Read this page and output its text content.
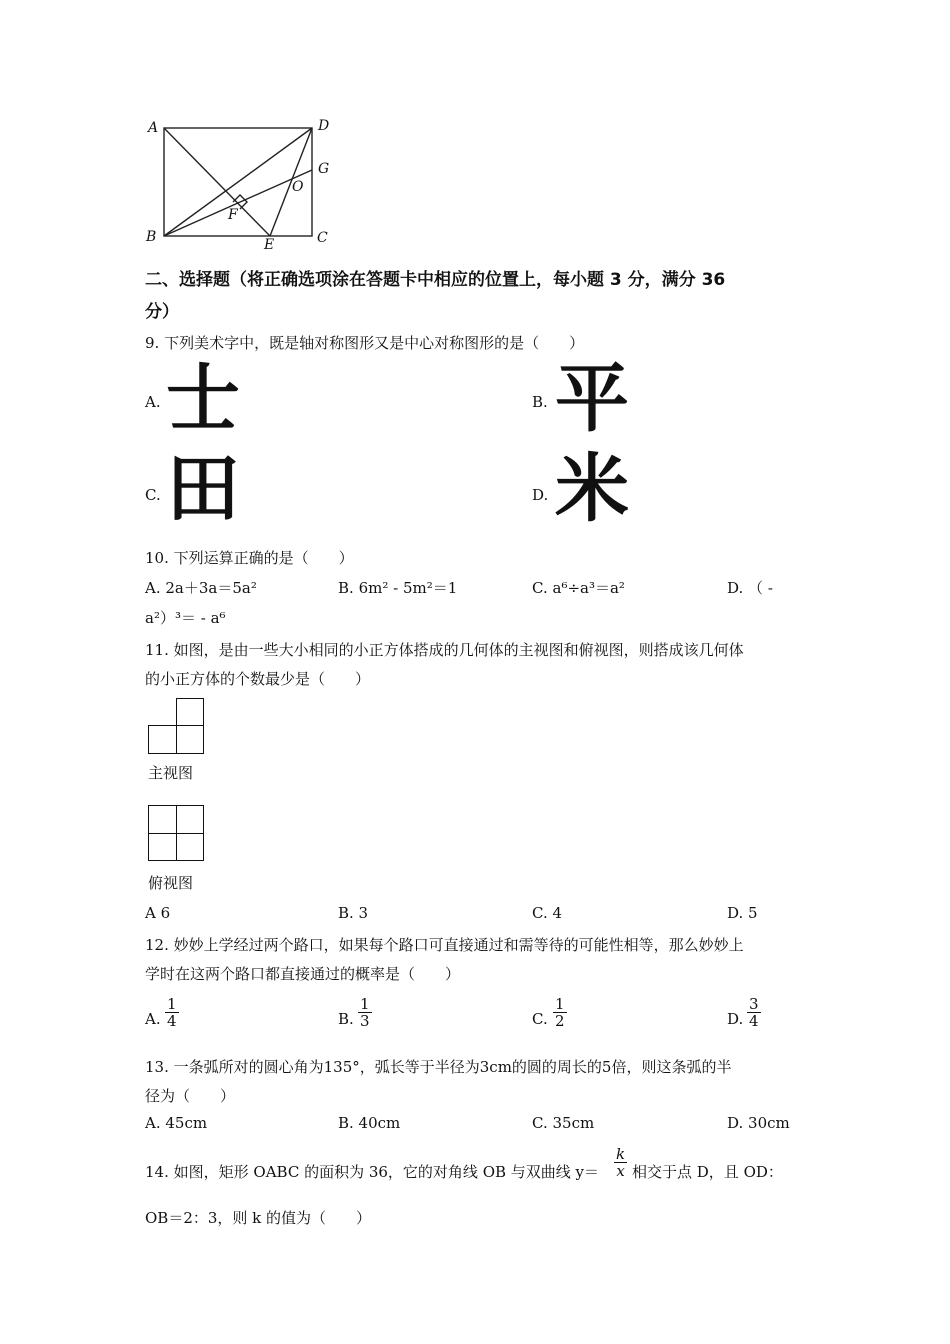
A	D
G
O
F
B	E	C
二、选择题（将正确选项涂在答题卡中相应的位置上，每小题 3 分，满分 36
分）
9. 下列美术字中，既是轴对称图形又是中心对称图形的是（　　）
A. 士	B. 平
C. 田	D. 米
10. 下列运算正确的是（　　）
A. 2a＋3a＝5a²	B. 6m² - 5m²＝1	C. a⁶÷a³＝a²	D. （ -
a²）³＝ - a⁶
11. 如图，是由一些大小相同的小正方体搭成的几何体的主视图和俯视图，则搭成该几何体
的小正方体的个数最少是（　　）
主视图
俯视图
A 6	B. 3	C. 4	D. 5
12. 妙妙上学经过两个路口，如果每个路口可直接通过和需等待的可能性相等，那么妙妙上
学时在这两个路口都直接通过的概率是（　　）
A. $\frac{1}{4}$	B. $\frac{1}{3}$	C. $\frac{1}{2}$	D. $\frac{3}{4}$
13. 一条弧所对的圆心角为135°，弧长等于半径为3cm的圆的周长的5倍，则这条弧的半
径为（　　）
A. 45cm	B. 40cm	C. 35cm	D. 30cm
14. 如图，矩形 OABC 的面积为 36，它的对角线 OB 与双曲线 $y= \frac{k}{x}$ 相交于点 D，且 OD：
OB＝2：3，则 k 的值为（　　）
